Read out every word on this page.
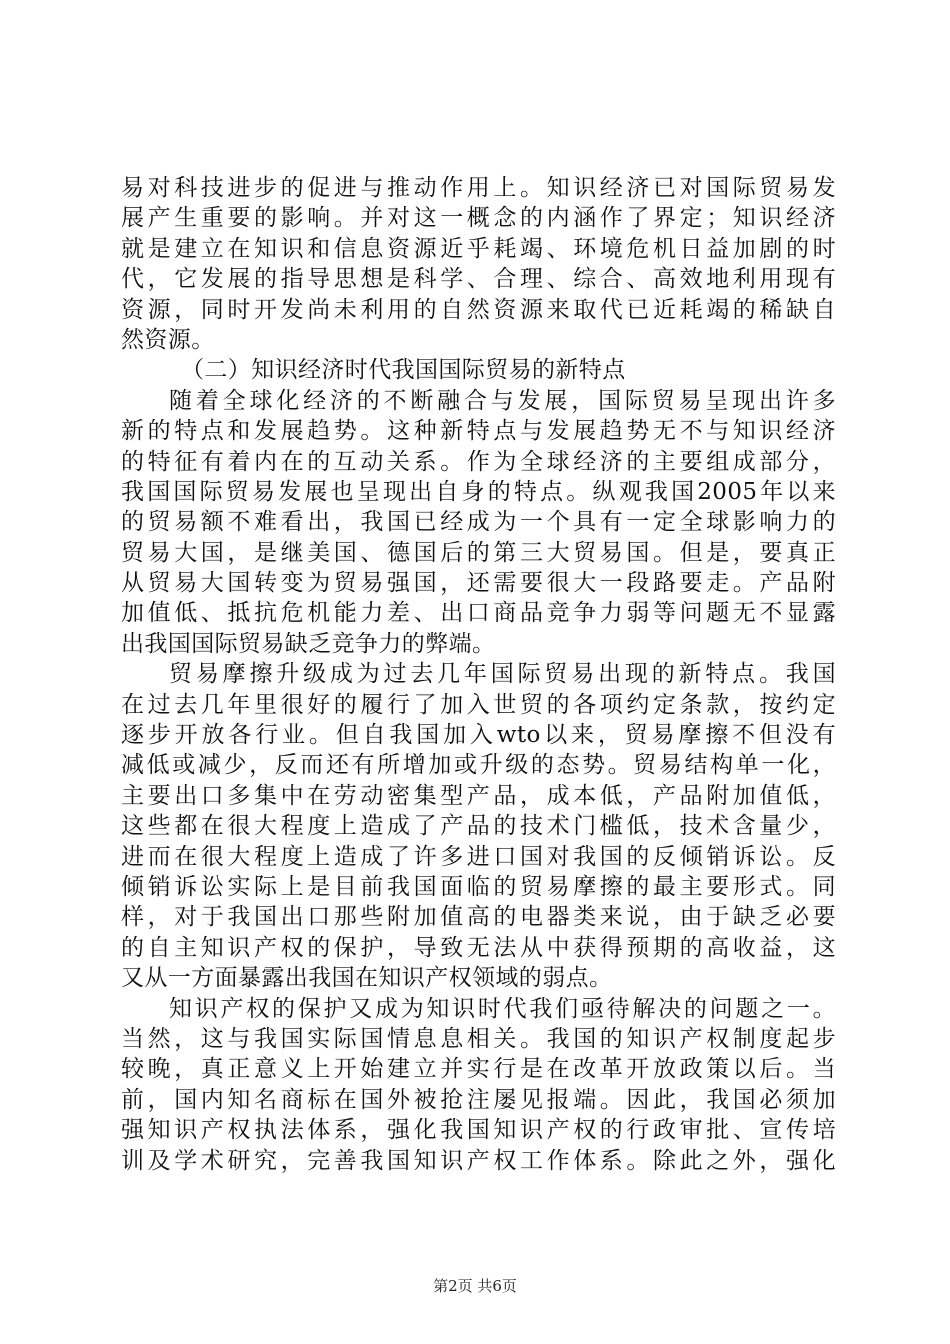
易对科技进步的促进与推动作用上。知识经济已对国际贸易发
展产生重要的影响。并对这一概念的内涵作了界定；知识经济
就是建立在知识和信息资源近乎耗竭、环境危机日益加剧的时
代，它发展的指导思想是科学、合理、综合、高效地利用现有
资源，同时开发尚未利用的自然资源来取代已近耗竭的稀缺自
然资源。
（二）知识经济时代我国国际贸易的新特点
随着全球化经济的不断融合与发展，国际贸易呈现出许多
新的特点和发展趋势。这种新特点与发展趋势无不与知识经济
的特征有着内在的互动关系。作为全球经济的主要组成部分，
我国国际贸易发展也呈现出自身的特点。纵观我国2005年以来
的贸易额不难看出，我国已经成为一个具有一定全球影响力的
贸易大国，是继美国、德国后的第三大贸易国。但是，要真正
从贸易大国转变为贸易强国，还需要很大一段路要走。产品附
加值低、抵抗危机能力差、出口商品竞争力弱等问题无不显露
出我国国际贸易缺乏竞争力的弊端。
贸易摩擦升级成为过去几年国际贸易出现的新特点。我国
在过去几年里很好的履行了加入世贸的各项约定条款，按约定
逐步开放各行业。但自我国加入wto以来，贸易摩擦不但没有
减低或减少，反而还有所增加或升级的态势。贸易结构单一化，
主要出口多集中在劳动密集型产品，成本低，产品附加值低，
这些都在很大程度上造成了产品的技术门槛低，技术含量少，
进而在很大程度上造成了许多进口国对我国的反倾销诉讼。反
倾销诉讼实际上是目前我国面临的贸易摩擦的最主要形式。同
样，对于我国出口那些附加值高的电器类来说，由于缺乏必要
的自主知识产权的保护，导致无法从中获得预期的高收益，这
又从一方面暴露出我国在知识产权领域的弱点。
知识产权的保护又成为知识时代我们亟待解决的问题之一。
当然，这与我国实际国情息息相关。我国的知识产权制度起步
较晚，真正意义上开始建立并实行是在改革开放政策以后。当
前，国内知名商标在国外被抢注屡见报端。因此，我国必须加
强知识产权执法体系，强化我国知识产权的行政审批、宣传培
训及学术研究，完善我国知识产权工作体系。除此之外，强化
第2页 共6页
